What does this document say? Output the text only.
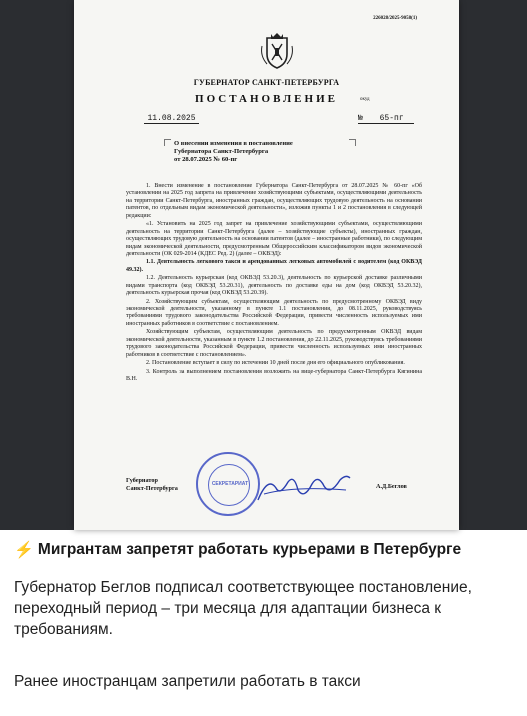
226028/2025-9058(1)
ГУБЕРНАТОР САНКТ-ПЕТЕРБУРГА
ПОСТАНОВЛЕНИЕ	окуд
11.08.2025	№ 65-пг
О внесении изменения в постановление
Губернатора Санкт-Петербурга
от 28.07.2025 № 60-пг

1. Внести изменение в постановление Губернатора Санкт-Петербурга от 28.07.2025 № 60-пг «Об установлении на 2025 год запрета на привлечение хозяйствующими субъектами, осуществляющими деятельность на территории Санкт-Петербурга, иностранных граждан, осуществляющих трудовую деятельность на основании патентов, по отдельным видам экономической деятельности», изложив пункты 1 и 2 постановления в следующей редакции:

«1. Установить на 2025 год запрет на привлечение хозяйствующими субъектами, осуществляющими деятельность на территории Санкт-Петербурга (далее – хозяйствующие субъекты), иностранных граждан, осуществляющих трудовую деятельность на основании патентов (далее – иностранные работники), по следующим видам экономической деятельности, предусмотренным Общероссийским классификатором видов экономической деятельности (ОК 029-2014 (КДЕС Ред. 2) (далее – ОКВЭД):

1.1. Деятельность легкового такси и арендованных легковых автомобилей с водителем (код ОКВЭД 49.32).

1.2. Деятельность курьерская (код ОКВЭД 53.20.3), деятельность по курьерской доставке различными видами транспорта (код ОКВЭД 53.20.31), деятельность по доставке еды на дом (код ОКВЭД 53.20.32), деятельность курьерская прочая (код ОКВЭД 53.20.39).

2. Хозяйствующим субъектам, осуществляющим деятельность по предусмотренному ОКВЭД виду экономической деятельности, указанному в пункте 1.1 постановления, до 08.11.2025, руководствуясь требованиями трудового законодательства Российской Федерации, привести численность используемых ими иностранных работников в соответствие с постановлением.

Хозяйствующим субъектам, осуществляющим деятельность по предусмотренным ОКВЭД видам экономической деятельности, указанным в пункте 1.2 постановления, до 22.11.2025, руководствуясь требованиями трудового законодательства Российской Федерации, привести численность используемых ими иностранных работников в соответствие с постановлением».

2. Постановление вступает в силу по истечении 10 дней после дня его официального опубликования.

3. Контроль за выполнением постановления возложить на вице-губернатора Санкт-Петербурга Кягинина В.Н.

Губернатор
Санкт-Петербурга
СЕКРЕТАРИАТ	А.Д.Беглов
⚡ Мигрантам запретят работать курьерами в Петербурге
Губернатор Беглов подписал соответствующее постановление, переходный период – три месяца для адаптации бизнеса к требованиям.
Ранее иностранцам запретили работать в такси
